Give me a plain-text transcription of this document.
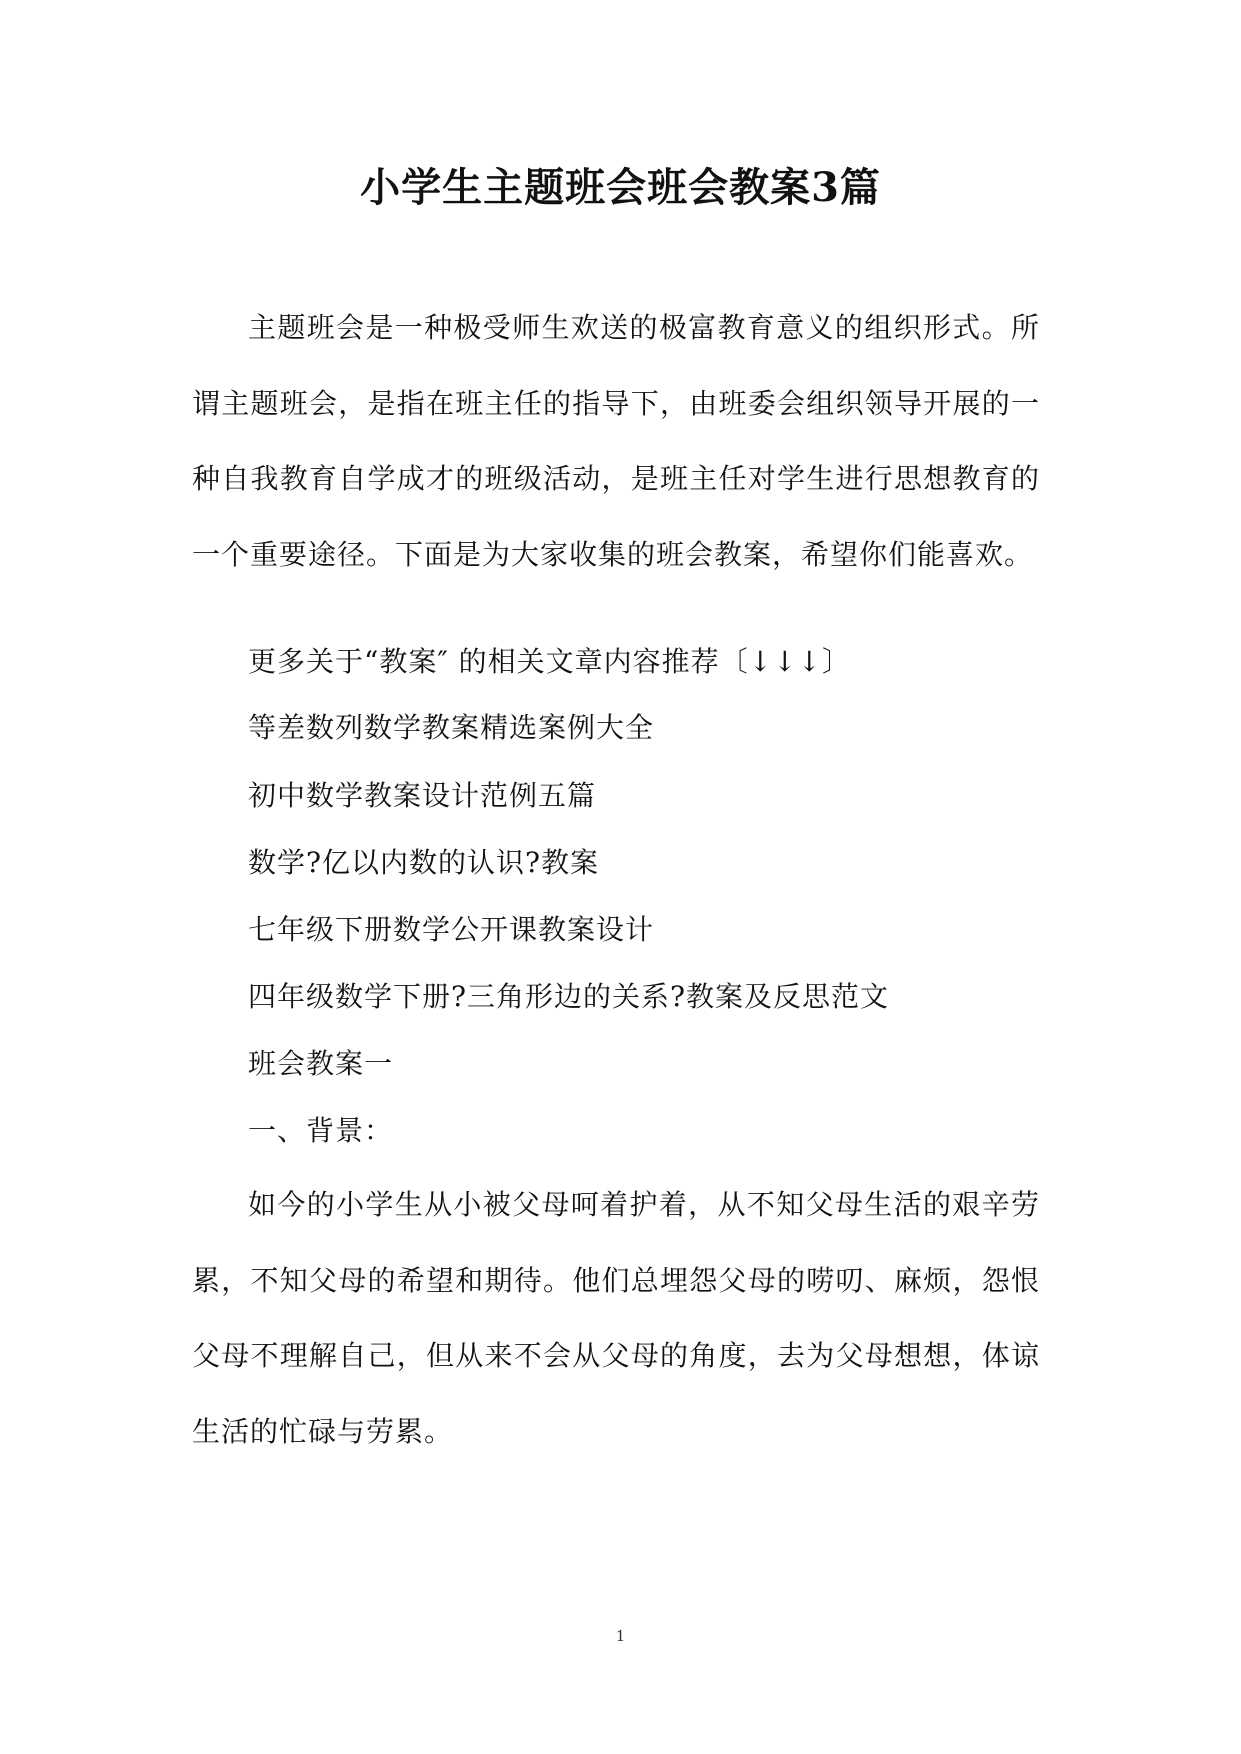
小学生主题班会班会教案3篇
主题班会是一种极受师生欢送的极富教育意义的组织形式。所谓主题班会，是指在班主任的指导下，由班委会组织领导开展的一种自我教育自学成才的班级活动，是班主任对学生进行思想教育的一个重要途径。下面是为大家收集的班会教案，希望你们能喜欢。
更多关于“教案″ 的相关文章内容推荐〔↓↓↓〕
等差数列数学教案精选案例大全
初中数学教案设计范例五篇
数学?亿以内数的认识?教案
七年级下册数学公开课教案设计
四年级数学下册?三角形边的关系?教案及反思范文
班会教案一
一、背景：
如今的小学生从小被父母呵着护着，从不知父母生活的艰辛劳累，不知父母的希望和期待。他们总埋怨父母的唠叨、麻烦，怨恨父母不理解自己，但从来不会从父母的角度，去为父母想想，体谅生活的忙碌与劳累。
1
